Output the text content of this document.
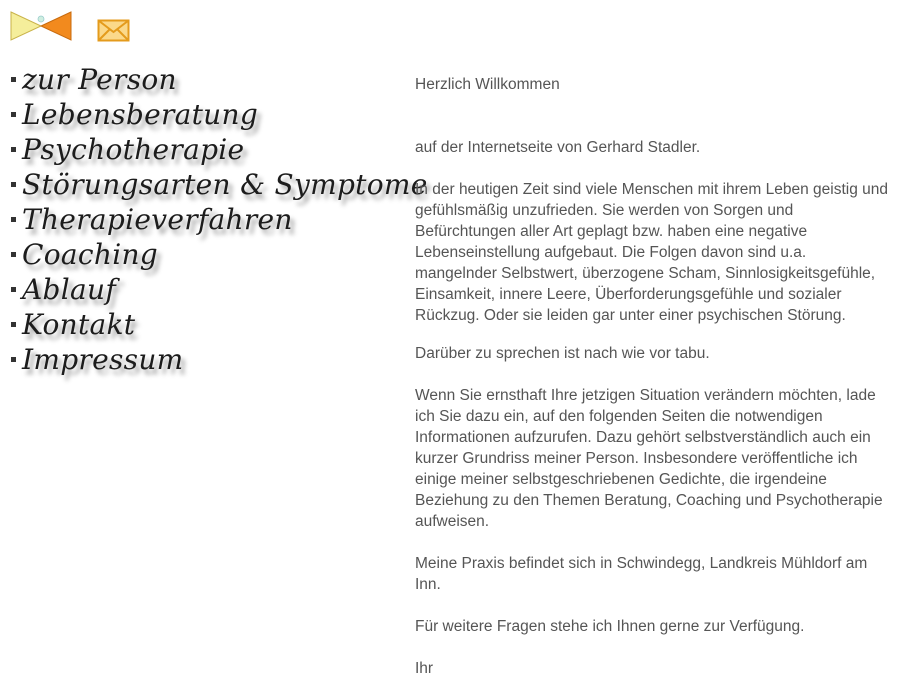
zur Person
Lebensberatung
Psychotherapie
Störungsarten & Symptome
Therapieverfahren
Coaching
Ablauf
Kontakt
Impressum

Herzlich Willkommen

auf der Internetseite von Gerhard Stadler.

In der heutigen Zeit sind viele Menschen mit ihrem Leben geistig und gefühlsmäßig unzufrieden. Sie werden von Sorgen und Befürchtungen aller Art geplagt bzw. haben eine negative Lebenseinstellung aufgebaut. Die Folgen davon sind u.a. mangelnder Selbstwert, überzogene Scham, Sinnlosigkeitsgefühle, Einsamkeit, innere Leere, Überforderungsgefühle und sozialer Rückzug. Oder sie leiden gar unter einer psychischen Störung.

Darüber zu sprechen ist nach wie vor tabu.

Wenn Sie ernsthaft Ihre jetzigen Situation verändern möchten, lade ich Sie dazu ein, auf den folgenden Seiten die notwendigen Informationen aufzurufen. Dazu gehört selbstverständlich auch ein kurzer Grundriss meiner Person. Insbesondere veröffentliche ich einige meiner selbstgeschriebenen Gedichte, die irgendeine Beziehung zu den Themen Beratung, Coaching und Psychotherapie aufweisen.

Meine Praxis befindet sich in Schwindegg, Landkreis Mühldorf am Inn.

Für weitere Fragen stehe ich Ihnen gerne zur Verfügung.

Ihr
